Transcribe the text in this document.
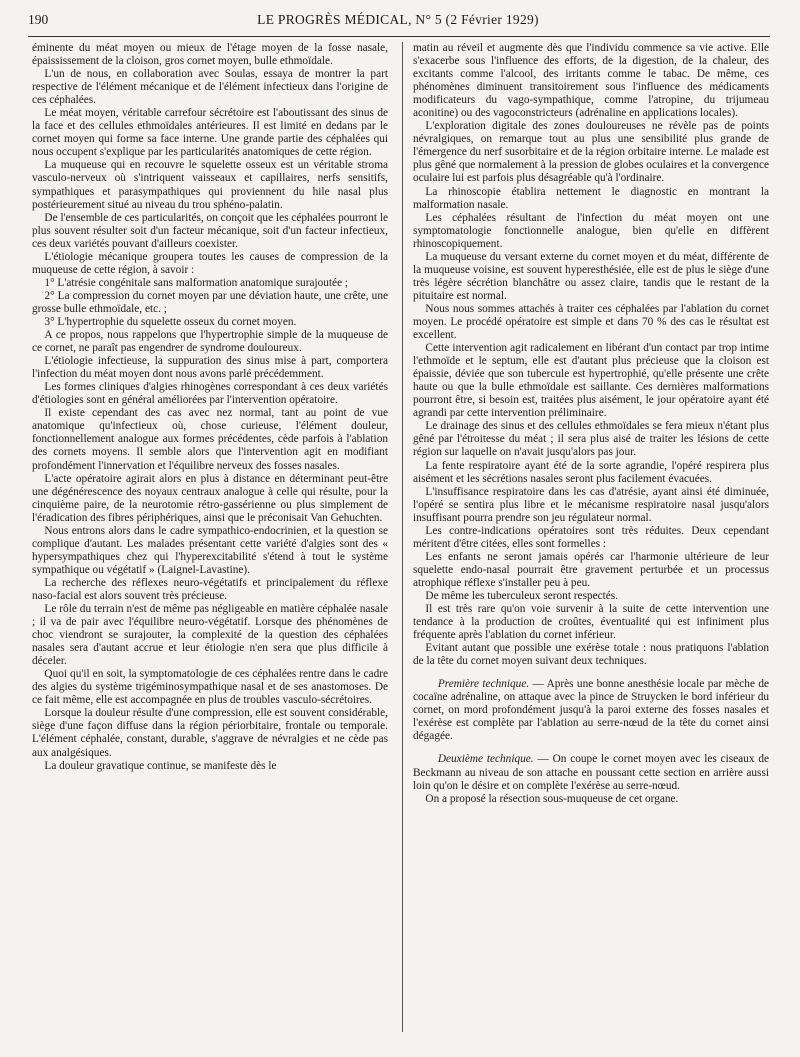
190	LE PROGRÈS MÉDICAL, N° 5 (2 Février 1929)

éminente du méat moyen ou mieux de l'étage moyen de la fosse nasale, épaississement de la cloison, gros cornet moyen, bulle ethmoïdale.

L'un de nous, en collaboration avec Soulas, essaya de montrer la part respective de l'élément mécanique et de l'élément infectieux dans l'origine de ces céphalées.

Le méat moyen, véritable carrefour sécrétoire est l'aboutissant des sinus de la face et des cellules ethmoïdales antérieures. Il est limité en dedans par le cornet moyen qui forme sa face interne. Une grande partie des céphalées qui nous occupent s'explique par les particularités anatomiques de cette région.

La muqueuse qui en recouvre le squelette osseux est un véritable stroma vasculo-nerveux où s'intriquent vaisseaux et capillaires, nerfs sensitifs, sympathiques et parasympathiques qui proviennent du hile nasal plus postérieurement situé au niveau du trou sphéno-palatin.

De l'ensemble de ces particularités, on conçoit que les céphalées pourront le plus souvent résulter soit d'un facteur mécanique, soit d'un facteur infectieux, ces deux variétés pouvant d'ailleurs coexister.

L'étiologie mécanique groupera toutes les causes de compression de la muqueuse de cette région, à savoir :

1° L'atrésie congénitale sans malformation anatomique surajoutée ;

2° La compression du cornet moyen par une déviation haute, une crête, une grosse bulle ethmoïdale, etc. ;

3° L'hypertrophie du squelette osseux du cornet moyen.

A ce propos, nous rappelons que l'hypertrophie simple de la muqueuse de ce cornet, ne paraît pas engendrer de syndrome douloureux.

L'étiologie infectieuse, la suppuration des sinus mise à part, comportera l'infection du méat moyen dont nous avons parlé précédemment.

Les formes cliniques d'algies rhinogènes correspondant à ces deux variétés d'étiologies sont en général améliorées par l'intervention opératoire.

Il existe cependant des cas avec nez normal, tant au point de vue anatomique qu'infectieux où, chose curieuse, l'élément douleur, fonctionnellement analogue aux formes précédentes, cède parfois à l'ablation des cornets moyens. Il semble alors que l'intervention agit en modifiant profondément l'innervation et l'équilibre nerveux des fosses nasales.

L'acte opératoire agirait alors en plus à distance en déterminant peut-être une dégénérescence des noyaux centraux analogue à celle qui résulte, pour la cinquième paire, de la neurotomie rétro-gassérienne ou plus simplement de l'éradication des fibres périphériques, ainsi que le préconisait Van Gehuchten.

Nous entrons alors dans le cadre sympathico-endocrinien, et la question se complique d'autant. Les malades présentant cette variété d'algies sont des « hypersympathiques chez qui l'hyperexcitabilité s'étend à tout le système sympathique ou végétatif » (Laignel-Lavastine).

La recherche des réflexes neuro-végétatifs et principalement du réflexe naso-facial est alors souvent très précieuse.

Le rôle du terrain n'est de même pas négligeable en matière céphalée nasale ; il va de pair avec l'équilibre neuro-végétatif. Lorsque des phénomènes de choc viendront se surajouter, la complexité de la question des céphalées nasales sera d'autant accrue et leur étiologie n'en sera que plus difficile à déceler.

Quoi qu'il en soit, la symptomatologie de ces céphalées rentre dans le cadre des algies du système trigéminosympathique nasal et de ses anastomoses. De ce fait même, elle est accompagnée en plus de troubles vasculo-sécrétoires.

Lorsque la douleur résulte d'une compression, elle est souvent considérable, siège d'une façon diffuse dans la région périorbitaire, frontale ou temporale. L'élément céphalée, constant, durable, s'aggrave de névralgies et ne cède pas aux analgésiques.

La douleur gravatique continue, se manifeste dès le

matin au réveil et augmente dès que l'individu commence sa vie active. Elle s'exacerbe sous l'influence des efforts, de la digestion, de la chaleur, des excitants comme l'alcool, des irritants comme le tabac. De même, ces phénomènes diminuent transitoirement sous l'influence des médicaments modificateurs du vago-sympathique, comme l'atropine, du trijumeau aconitine) ou des vagoconstricteurs (adrénaline en applications locales).

L'exploration digitale des zones douloureuses ne révèle pas de points névralgiques, on remarque tout au plus une sensibilité plus grande de l'émergence du nerf susorbitaire et de la région orbitaire interne. Le malade est plus gêné que normalement à la pression de globes oculaires et la convergence oculaire lui est parfois plus désagréable qu'à l'ordinaire.

La rhinoscopie établira nettement le diagnostic en montrant la malformation nasale.

Les céphalées résultant de l'infection du méat moyen ont une symptomatologie fonctionnelle analogue, bien qu'elle en diffèrent rhinoscopiquement.

La muqueuse du versant externe du cornet moyen et du méat, différente de la muqueuse voisine, est souvent hyperesthésiée, elle est de plus le siège d'une très légère sécrétion blanchâtre ou assez claire, tandis que le restant de la pituitaire est normal.

Nous nous sommes attachés à traiter ces céphalées par l'ablation du cornet moyen. Le procédé opératoire est simple et dans 70 % des cas le résultat est excellent.

Cette intervention agit radicalement en libérant d'un contact par trop intime l'ethmoïde et le septum, elle est d'autant plus précieuse que la cloison est épaissie, déviée que son tubercule est hypertrophié, qu'elle présente une crête haute ou que la bulle ethmoïdale est saillante. Ces dernières malformations pourront être, si besoin est, traitées plus aisément, le jour opératoire ayant été agrandi par cette intervention préliminaire.

Le drainage des sinus et des cellules ethmoïdales se fera mieux n'étant plus gêné par l'étroitesse du méat ; il sera plus aisé de traiter les lésions de cette région sur laquelle on n'avait jusqu'alors pas jour.

La fente respiratoire ayant été de la sorte agrandie, l'opéré respirera plus aisément et les sécrétions nasales seront plus facilement évacuées.

L'insuffisance respiratoire dans les cas d'atrésie, ayant ainsi été diminuée, l'opéré se sentira plus libre et le mécanisme respiratoire nasal jusqu'alors insuffisant pourra prendre son jeu régulateur normal.

Les contre-indications opératoires sont très réduites. Deux cependant méritent d'être citées, elles sont formelles :

Les enfants ne seront jamais opérés car l'harmonie ultérieure de leur squelette endo-nasal pourrait être gravement perturbée et un processus atrophique réflexe s'installer peu à peu.

De même les tuberculeux seront respectés.

Il est très rare qu'on voie survenir à la suite de cette intervention une tendance à la production de croûtes, éventualité qui est infiniment plus fréquente après l'ablation du cornet inférieur.

Evitant autant que possible une exérèse totale : nous pratiquons l'ablation de la tête du cornet moyen suivant deux techniques.

Première technique. — Après une bonne anesthésie locale par mèche de cocaïne adrénaline, on attaque avec la pince de Struycken le bord inférieur du cornet, on mord profondément jusqu'à la paroi externe des fosses nasales et l'exérèse est complète par l'ablation au serre-nœud de la tête du cornet ainsi dégagée.

Deuxième technique. — On coupe le cornet moyen avec les ciseaux de Beckmann au niveau de son attache en poussant cette section en arrière aussi loin qu'on le désire et on complète l'exérèse au serre-nœud.

On a proposé la résection sous-muqueuse de cet organe.
